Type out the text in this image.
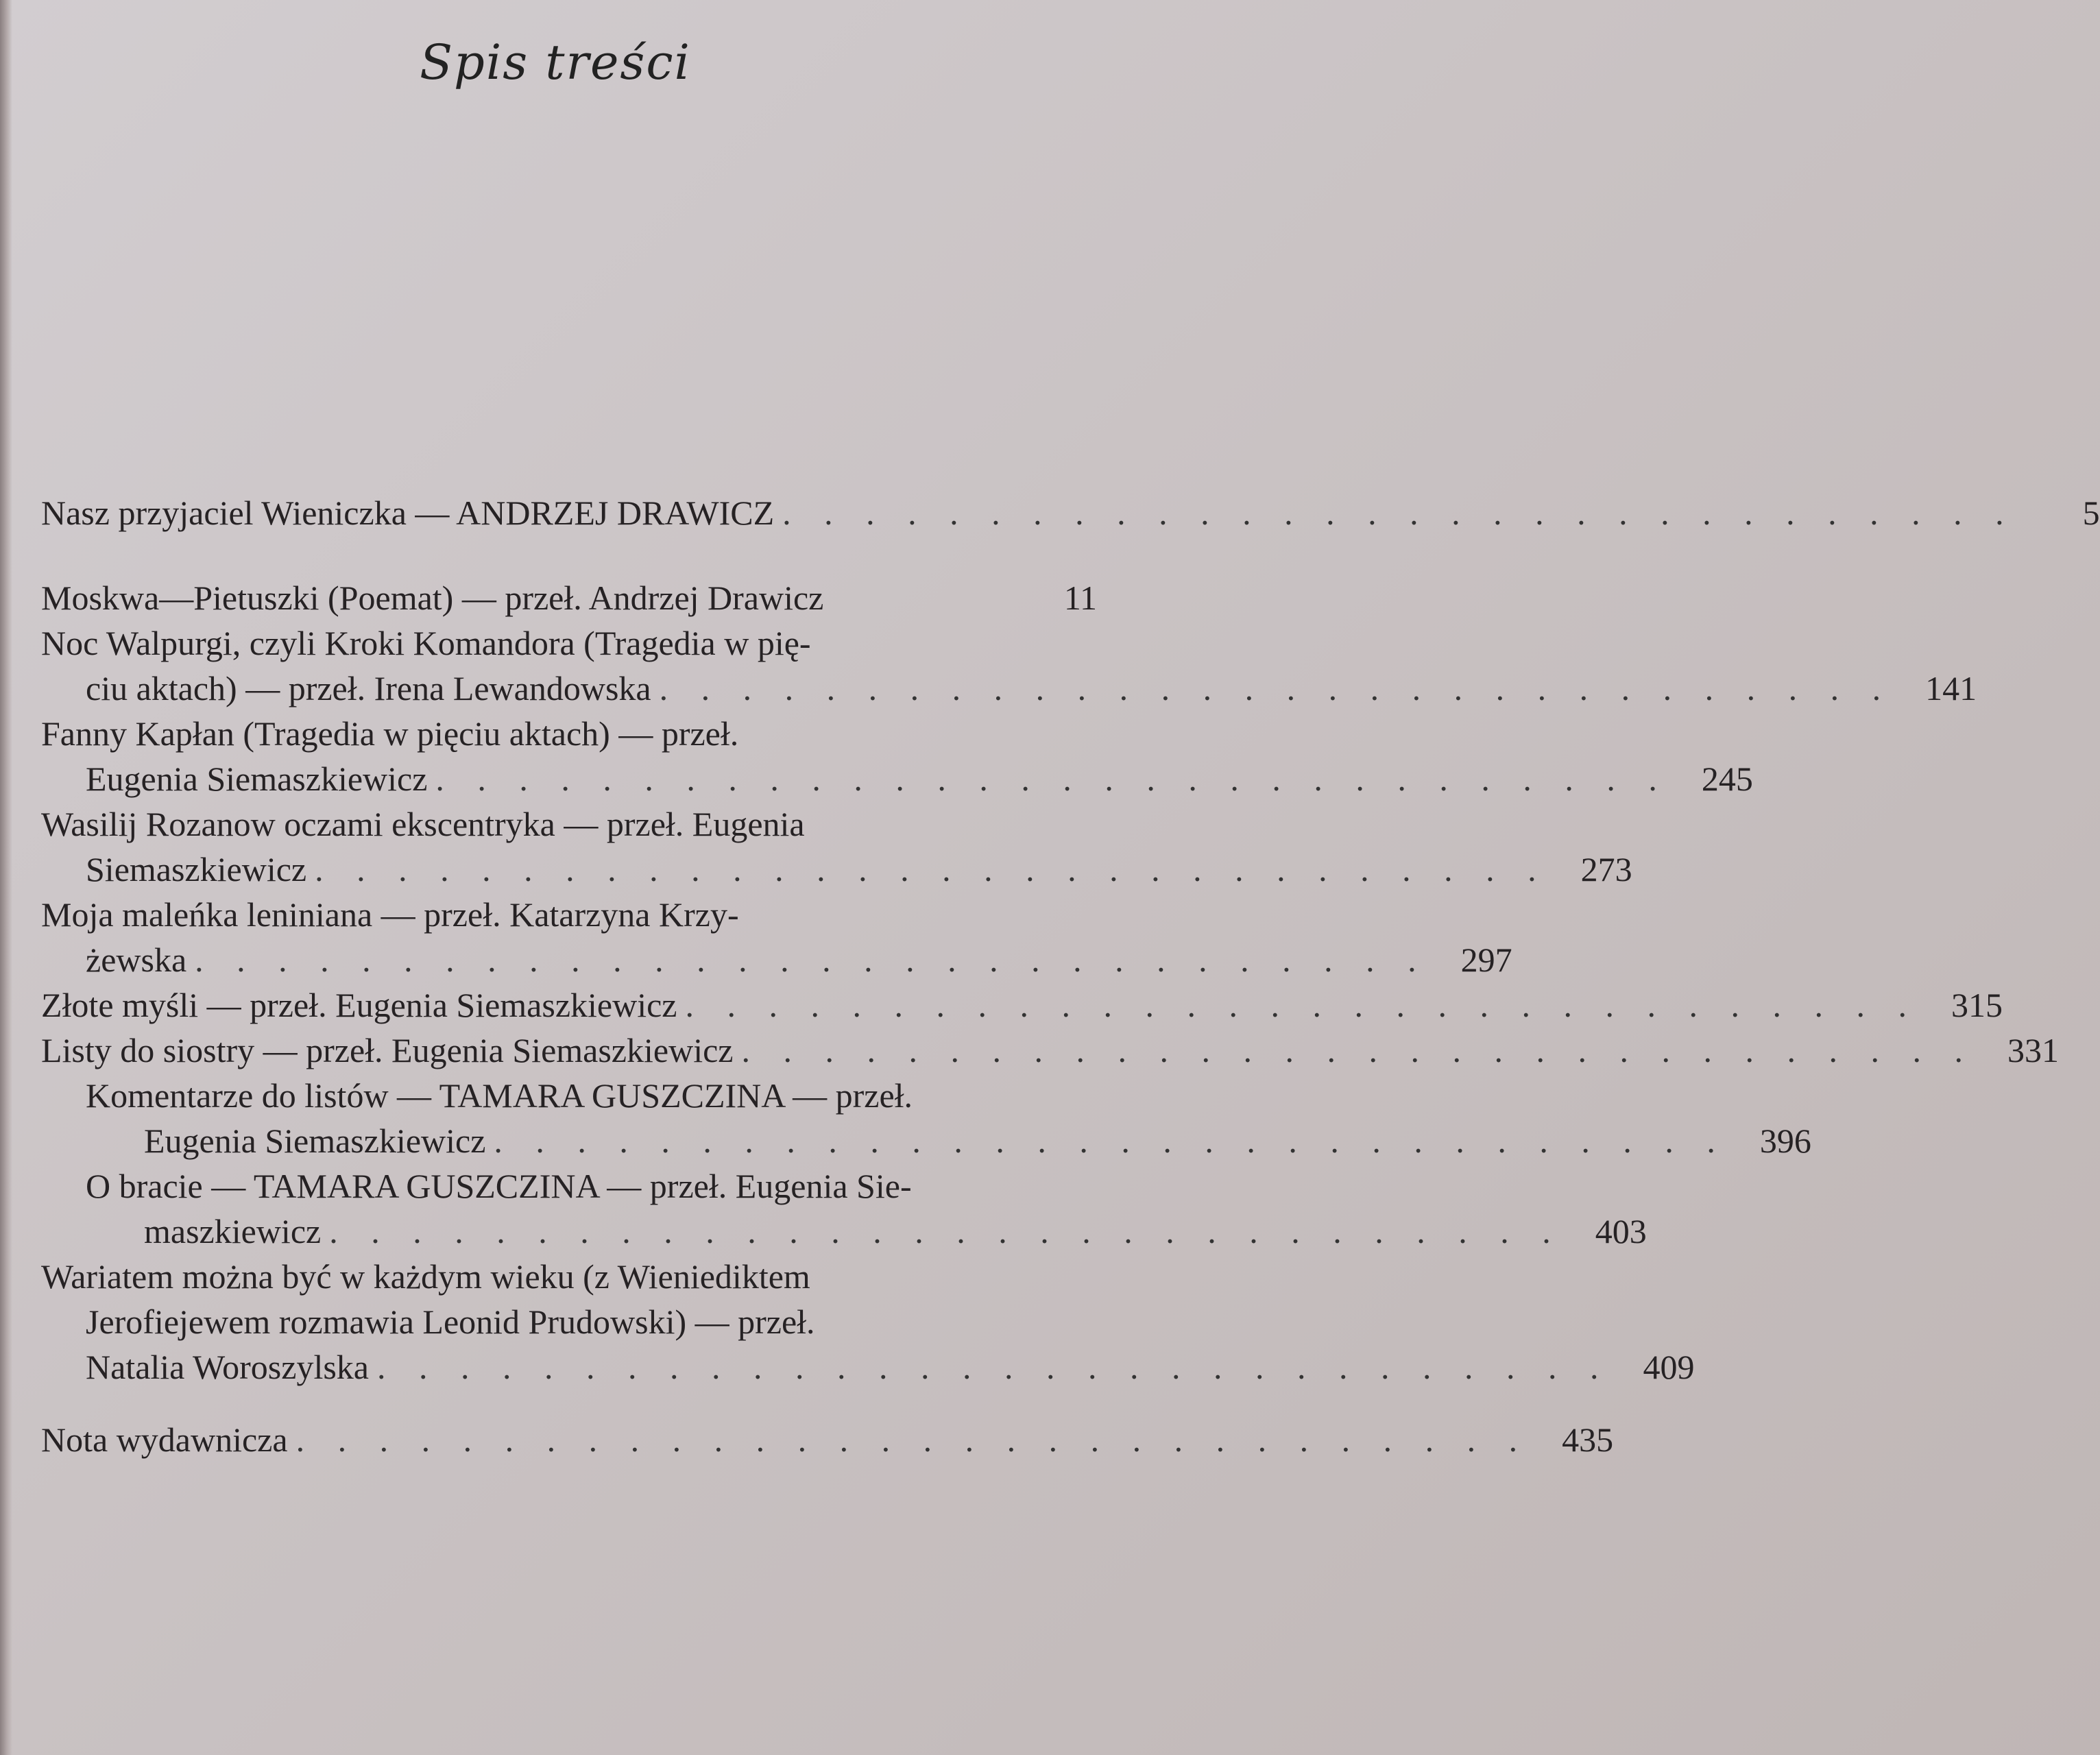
Spis treści
Nasz przyjaciel Wieniczka — ANDRZEJ DRAWICZ . . . . . . . . . . . . . . . . . . . . . . . . . . . . . .	5
Moskwa—Pietuszki (Poemat) — przeł. Andrzej Drawicz	11
Noc Walpurgi, czyli Kroki Komandora (Tragedia w pię-
ciu aktach) — przeł. Irena Lewandowska . . . . . . . . . . . . . . . . . . . . . . . . . . . . . . 141
Fanny Kapłan (Tragedia w pięciu aktach) — przeł.
Eugenia Siemaszkiewicz . . . . . . . . . . . . . . . . . . . . . . . . . . . . . . 245
Wasilij Rozanow oczami ekscentryka — przeł. Eugenia
Siemaszkiewicz . . . . . . . . . . . . . . . . . . . . . . . . . . . . . . 273
Moja maleńka leniniana — przeł. Katarzyna Krzy-
żewska . . . . . . . . . . . . . . . . . . . . . . . . . . . . . . 297
Złote myśli — przeł. Eugenia Siemaszkiewicz . . . . . . . . . . . . . . . . . . . . . . . . . . . . . . 315
Listy do siostry — przeł. Eugenia Siemaszkiewicz . . . . . . . . . . . . . . . . . . . . . . . . . . . . . . 331
Komentarze do listów — TAMARA GUSZCZINA — przeł.
Eugenia Siemaszkiewicz . . . . . . . . . . . . . . . . . . . . . . . . . . . . . . 396
O bracie — TAMARA GUSZCZINA — przeł. Eugenia Sie-
maszkiewicz . . . . . . . . . . . . . . . . . . . . . . . . . . . . . . 403
Wariatem można być w każdym wieku (z Wieniediktem
Jerofiejewem rozmawia Leonid Prudowski) — przeł.
Natalia Woroszylska . . . . . . . . . . . . . . . . . . . . . . . . . . . . . . 409
Nota wydawnicza . . . . . . . . . . . . . . . . . . . . . . . . . . . . . . 435
